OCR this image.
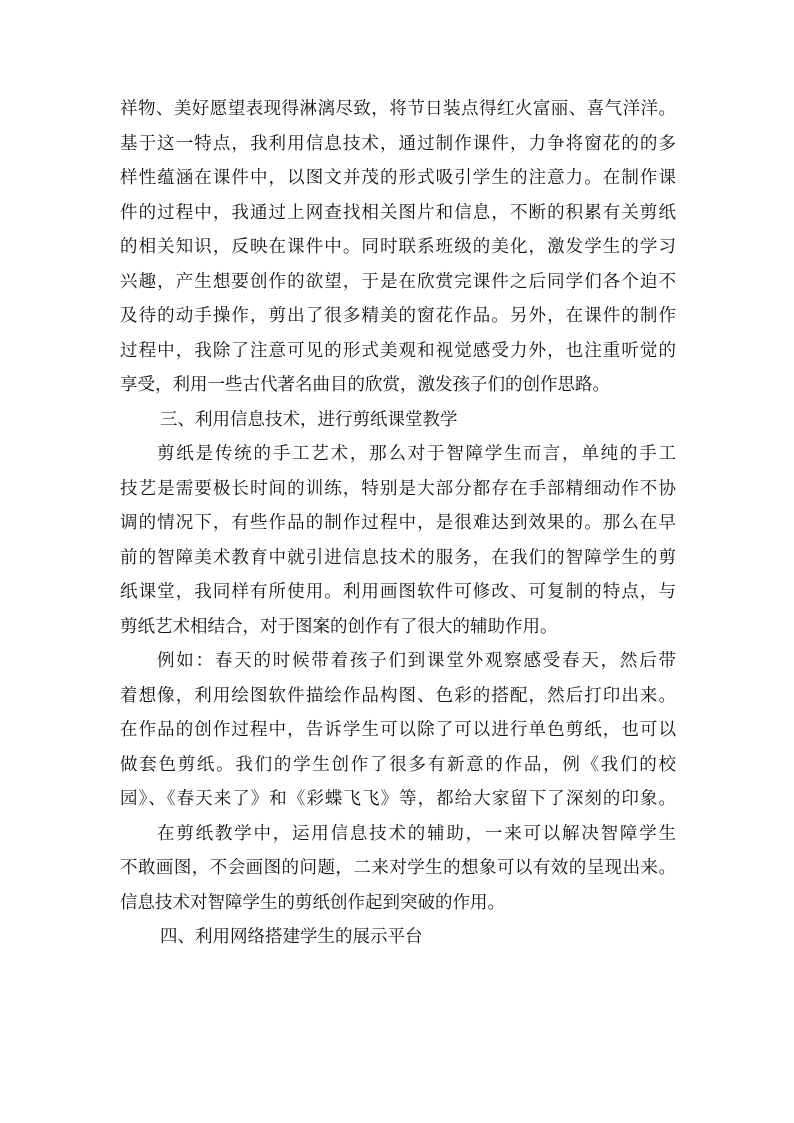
祥物、美好愿望表现得淋漓尽致，将节日装点得红火富丽、喜气洋洋。
基于这一特点，我利用信息技术，通过制作课件，力争将窗花的的多
样性蕴涵在课件中，以图文并茂的形式吸引学生的注意力。在制作课
件的过程中，我通过上网查找相关图片和信息，不断的积累有关剪纸
的相关知识，反映在课件中。同时联系班级的美化，激发学生的学习
兴趣，产生想要创作的欲望，于是在欣赏完课件之后同学们各个迫不
及待的动手操作，剪出了很多精美的窗花作品。另外，在课件的制作
过程中，我除了注意可见的形式美观和视觉感受力外，也注重听觉的
享受，利用一些古代著名曲目的欣赏，激发孩子们的创作思路。
三、利用信息技术，进行剪纸课堂教学
剪纸是传统的手工艺术，那么对于智障学生而言，单纯的手工
技艺是需要极长时间的训练，特别是大部分都存在手部精细动作不协
调的情况下，有些作品的制作过程中，是很难达到效果的。那么在早
前的智障美术教育中就引进信息技术的服务，在我们的智障学生的剪
纸课堂，我同样有所使用。利用画图软件可修改、可复制的特点，与
剪纸艺术相结合，对于图案的创作有了很大的辅助作用。
例如：春天的时候带着孩子们到课堂外观察感受春天，然后带
着想像，利用绘图软件描绘作品构图、色彩的搭配，然后打印出来。
在作品的创作过程中，告诉学生可以除了可以进行单色剪纸，也可以
做套色剪纸。我们的学生创作了很多有新意的作品，例《我们的校
园》、《春天来了》和《彩蝶飞飞》等，都给大家留下了深刻的印象。
在剪纸教学中，运用信息技术的辅助，一来可以解决智障学生
不敢画图，不会画图的问题，二来对学生的想象可以有效的呈现出来。
信息技术对智障学生的剪纸创作起到突破的作用。
四、利用网络搭建学生的展示平台
